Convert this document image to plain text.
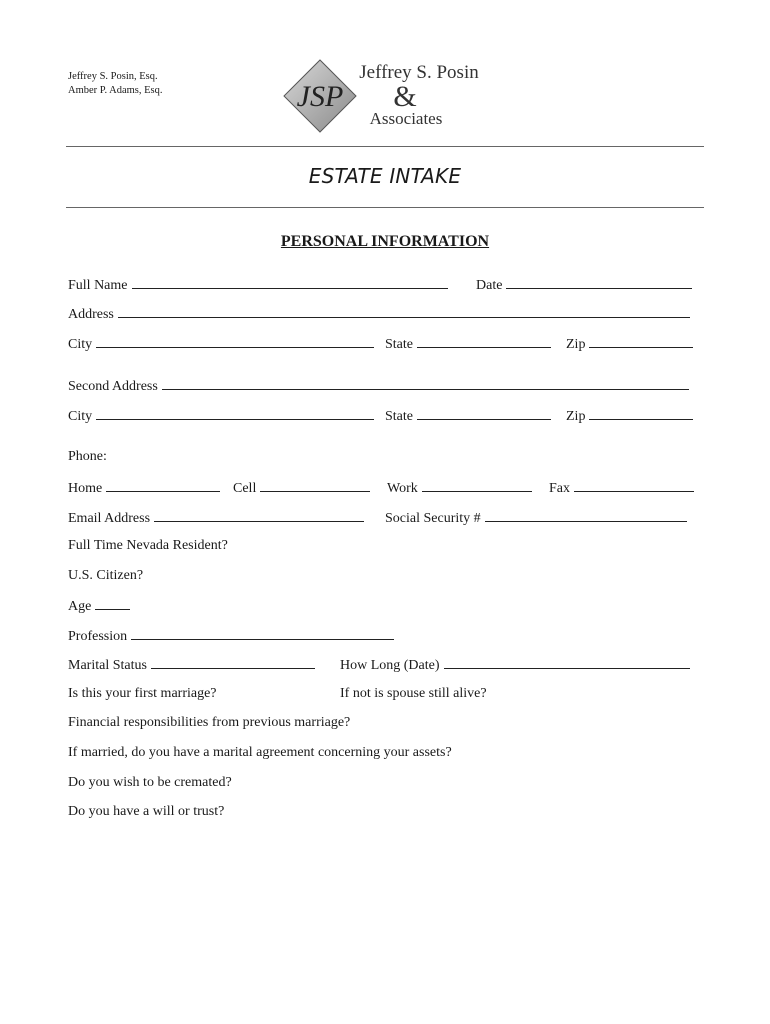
Jeffrey S. Posin, Esq.
Amber P. Adams, Esq.	JSP
Jeffrey S. Posin
&
Associates
ESTATE INTAKE
PERSONAL INFORMATION
Full Name	Date
Address
City	State	Zip
Second Address
City	State	Zip
Phone:
Home	Cell	Work	Fax
Email Address	Social Security #
Full Time Nevada Resident?
U.S. Citizen?
Age
Profession
Marital Status	How Long (Date)
Is this your first marriage?	If not is spouse still alive?
Financial responsibilities from previous marriage?
If married, do you have a marital agreement concerning your assets?
Do you wish to be cremated?
Do you have a will or trust?
